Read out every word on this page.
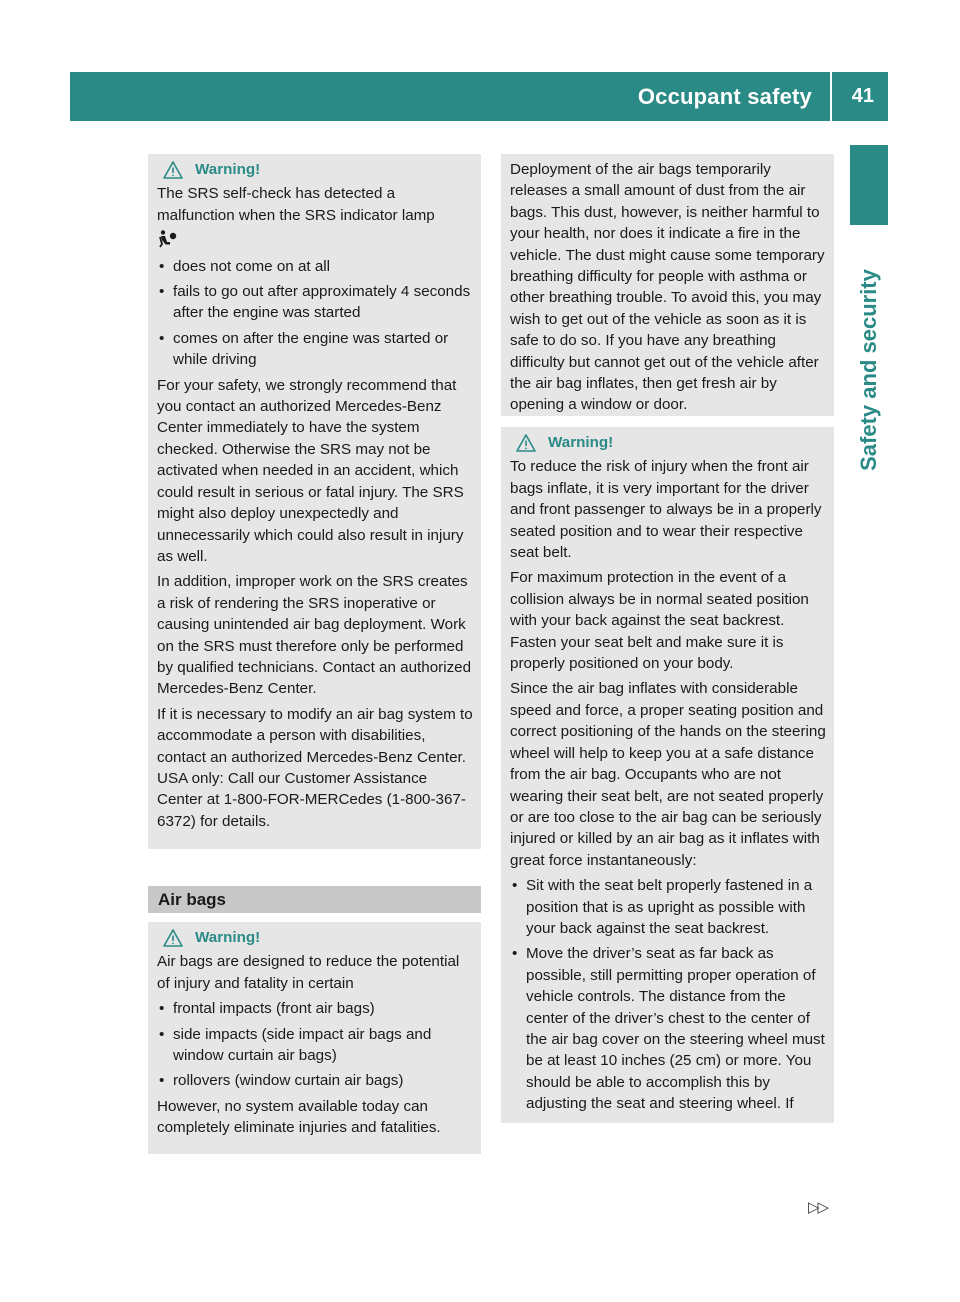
Occupant safety 41
Safety and security
Warning!

The SRS self-check has detected a malfunction when the SRS indicator lamp

• does not come on at all

• fails to go out after approximately 4 seconds after the engine was started

• comes on after the engine was started or while driving

For your safety, we strongly recommend that you contact an authorized Mercedes-Benz Center immediately to have the system checked. Otherwise the SRS may not be activated when needed in an accident, which could result in serious or fatal injury. The SRS might also deploy unexpectedly and unnecessarily which could also result in injury as well.

In addition, improper work on the SRS creates a risk of rendering the SRS inoperative or causing unintended air bag deployment. Work on the SRS must therefore only be performed by qualified technicians. Contact an authorized Mercedes-Benz Center.

If it is necessary to modify an air bag system to accommodate a person with disabilities, contact an authorized Mercedes-Benz Center. USA only: Call our Customer Assistance Center at 1-800-FOR-MERCedes (1-800-367-6372) for details.

Air bags
Warning!

Air bags are designed to reduce the potential of injury and fatality in certain

• frontal impacts (front air bags)

• side impacts (side impact air bags and window curtain air bags)

• rollovers (window curtain air bags)

However, no system available today can completely eliminate injuries and fatalities.

Deployment of the air bags temporarily releases a small amount of dust from the air bags. This dust, however, is neither harmful to your health, nor does it indicate a fire in the vehicle. The dust might cause some temporary breathing difficulty for people with asthma or other breathing trouble. To avoid this, you may wish to get out of the vehicle as soon as it is safe to do so. If you have any breathing difficulty but cannot get out of the vehicle after the air bag inflates, then get fresh air by opening a window or door.

Warning!

To reduce the risk of injury when the front air bags inflate, it is very important for the driver and front passenger to always be in a properly seated position and to wear their respective seat belt.

For maximum protection in the event of a collision always be in normal seated position with your back against the seat backrest. Fasten your seat belt and make sure it is properly positioned on your body.

Since the air bag inflates with considerable speed and force, a proper seating position and correct positioning of the hands on the steering wheel will help to keep you at a safe distance from the air bag. Occupants who are not wearing their seat belt, are not seated properly or are too close to the air bag can be seriously injured or killed by an air bag as it inflates with great force instantaneously:

• Sit with the seat belt properly fastened in a position that is as upright as possible with your back against the seat backrest.

• Move the driver’s seat as far back as possible, still permitting proper operation of vehicle controls. The distance from the center of the driver’s chest to the center of the air bag cover on the steering wheel must be at least 10 inches (25 cm) or more. You should be able to accomplish this by adjusting the seat and steering wheel. If

▷▷
